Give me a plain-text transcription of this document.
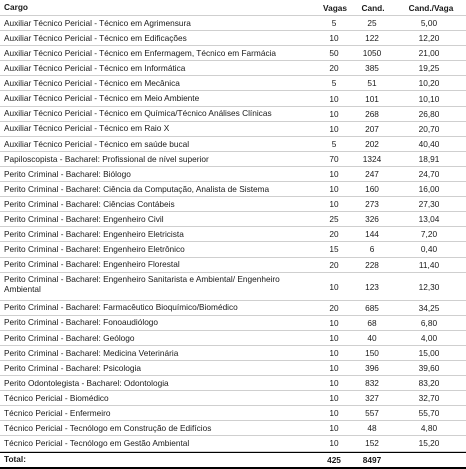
Cargo	Vagas	Cand.	Cand./Vaga
Auxiliar Técnico Pericial - Técnico em Agrimensura	5	25	5,00
Auxiliar Técnico Pericial - Técnico em Edificações	10	122	12,20
Auxiliar Técnico Pericial - Técnico em Enfermagem, Técnico em Farmácia	50	1050	21,00
Auxiliar Técnico Pericial - Técnico em Informática	20	385	19,25
Auxiliar Técnico Pericial - Técnico em Mecânica	5	51	10,20
Auxiliar Técnico Pericial - Técnico em Meio Ambiente	10	101	10,10
Auxiliar Técnico Pericial - Técnico em Química/Técnico Análises Clínicas	10	268	26,80
Auxiliar Técnico Pericial - Técnico em Raio X	10	207	20,70
Auxiliar Técnico Pericial - Técnico em saúde bucal	5	202	40,40
Papiloscopista - Bacharel: Profissional de nível superior	70	1324	18,91
Perito Criminal - Bacharel: Biólogo	10	247	24,70
Perito Criminal - Bacharel: Ciência da Computação, Analista de Sistema	10	160	16,00
Perito Criminal - Bacharel: Ciências Contábeis	10	273	27,30
Perito Criminal - Bacharel: Engenheiro Civil	25	326	13,04
Perito Criminal - Bacharel: Engenheiro Eletricista	20	144	7,20
Perito Criminal - Bacharel: Engenheiro Eletrônico	15	6	0,40
Perito Criminal - Bacharel: Engenheiro Florestal	20	228	11,40
Perito Criminal - Bacharel: Engenheiro Sanitarista e Ambiental/ Engenheiro Ambiental	10	123	12,30
Perito Criminal - Bacharel: Farmacêutico Bioquímico/Biomédico	20	685	34,25
Perito Criminal - Bacharel: Fonoaudiólogo	10	68	6,80
Perito Criminal - Bacharel: Geólogo	10	40	4,00
Perito Criminal - Bacharel: Medicina Veterinária	10	150	15,00
Perito Criminal - Bacharel: Psicologia	10	396	39,60
Perito Odontolegista - Bacharel: Odontologia	10	832	83,20
Técnico Pericial - Biomédico	10	327	32,70
Técnico Pericial - Enfermeiro	10	557	55,70
Técnico Pericial - Tecnólogo em Construção de Edifícios	10	48	4,80
Técnico Pericial - Tecnólogo em Gestão Ambiental	10	152	15,20
Total:	425	8497
